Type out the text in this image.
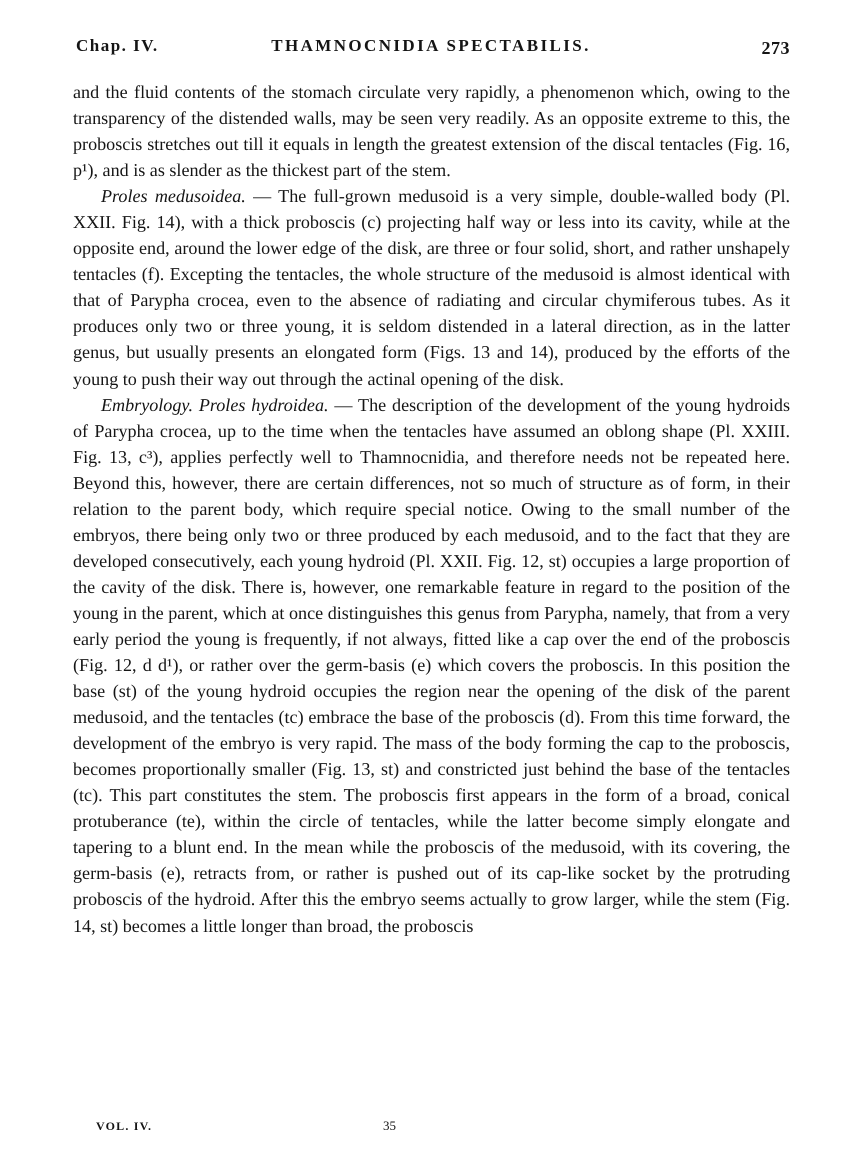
Chap. IV.	THAMNOCNIDIA SPECTABILIS.	273

and the fluid contents of the stomach circulate very rapidly, a phenomenon which, owing to the transparency of the distended walls, may be seen very readily. As an opposite extreme to this, the proboscis stretches out till it equals in length the greatest extension of the discal tentacles (Fig. 16, p¹), and is as slender as the thickest part of the stem.

Proles medusoidea. — The full-grown medusoid is a very simple, double-walled body (Pl. XXII. Fig. 14), with a thick proboscis (c) projecting half way or less into its cavity, while at the opposite end, around the lower edge of the disk, are three or four solid, short, and rather unshapely tentacles (f). Excepting the tentacles, the whole structure of the medusoid is almost identical with that of Parypha crocea, even to the absence of radiating and circular chymiferous tubes. As it produces only two or three young, it is seldom distended in a lateral direction, as in the latter genus, but usually presents an elongated form (Figs. 13 and 14), produced by the efforts of the young to push their way out through the actinal opening of the disk.

Embryology. Proles hydroidea. — The description of the development of the young hydroids of Parypha crocea, up to the time when the tentacles have assumed an oblong shape (Pl. XXIII. Fig. 13, c³), applies perfectly well to Thamnocnidia, and therefore needs not be repeated here. Beyond this, however, there are certain differences, not so much of structure as of form, in their relation to the parent body, which require special notice. Owing to the small number of the embryos, there being only two or three produced by each medusoid, and to the fact that they are developed consecutively, each young hydroid (Pl. XXII. Fig. 12, st) occupies a large proportion of the cavity of the disk. There is, however, one remarkable feature in regard to the position of the young in the parent, which at once distinguishes this genus from Parypha, namely, that from a very early period the young is frequently, if not always, fitted like a cap over the end of the proboscis (Fig. 12, d d¹), or rather over the germ-basis (e) which covers the proboscis. In this position the base (st) of the young hydroid occupies the region near the opening of the disk of the parent medusoid, and the tentacles (tc) embrace the base of the proboscis (d). From this time forward, the development of the embryo is very rapid. The mass of the body forming the cap to the proboscis, becomes proportionally smaller (Fig. 13, st) and constricted just behind the base of the tentacles (tc). This part constitutes the stem. The proboscis first appears in the form of a broad, conical protuberance (te), within the circle of tentacles, while the latter become simply elongate and tapering to a blunt end. In the mean while the proboscis of the medusoid, with its covering, the germ-basis (e), retracts from, or rather is pushed out of its cap-like socket by the protruding proboscis of the hydroid. After this the embryo seems actually to grow larger, while the stem (Fig. 14, st) becomes a little longer than broad, the proboscis

VOL. IV.	35
